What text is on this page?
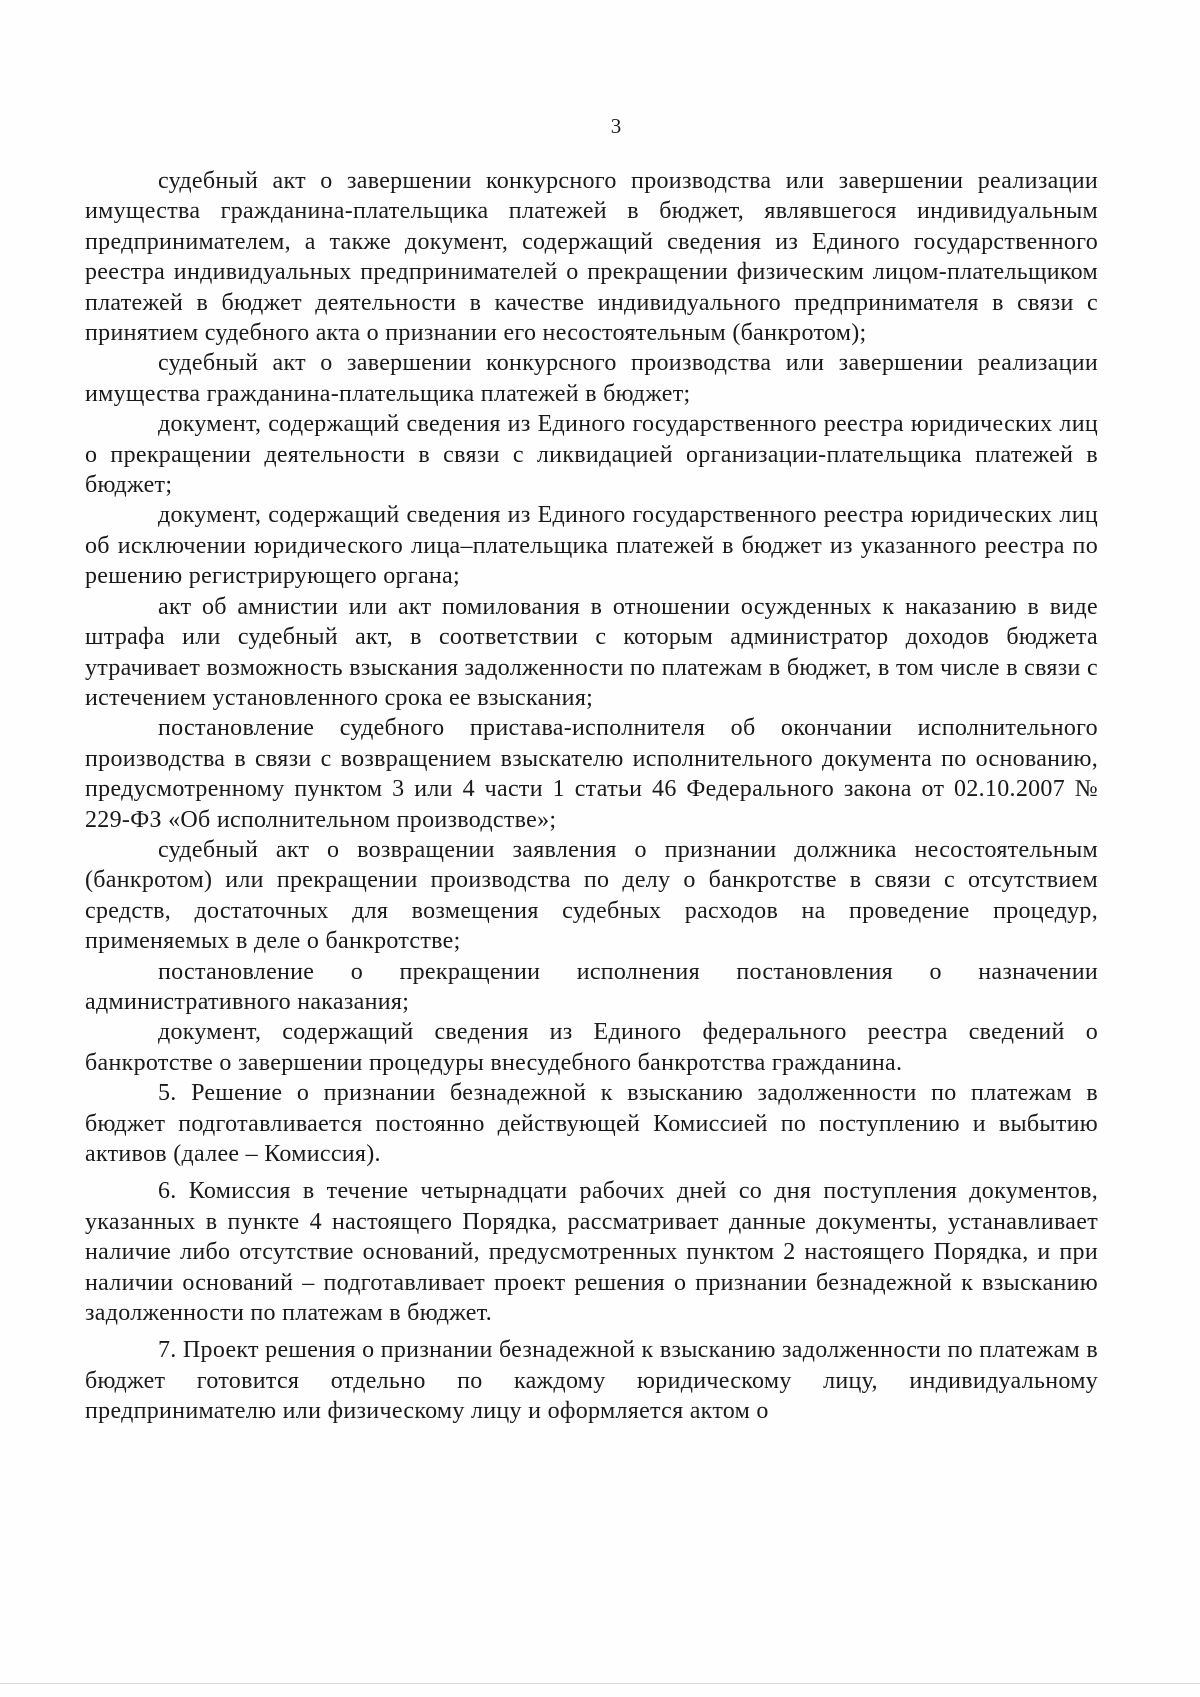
3

судебный акт о завершении конкурсного производства или завершении реализации имущества гражданина-плательщика платежей в бюджет, являвшегося индивидуальным предпринимателем, а также документ, содержащий сведения из Единого государственного реестра индивидуальных предпринимателей о прекращении физическим лицом-плательщиком платежей в бюджет деятельности в качестве индивидуального предпринимателя в связи с принятием судебного акта о признании его несостоятельным (банкротом);

судебный акт о завершении конкурсного производства или завершении реализации имущества гражданина-плательщика платежей в бюджет;

документ, содержащий сведения из Единого государственного реестра юридических лиц о прекращении деятельности в связи с ликвидацией организации-плательщика платежей в бюджет;

документ, содержащий сведения из Единого государственного реестра юридических лиц об исключении юридического лица–плательщика платежей в бюджет из указанного реестра по решению регистрирующего органа;

акт об амнистии или акт помилования в отношении осужденных к наказанию в виде штрафа или судебный акт, в соответствии с которым администратор доходов бюджета утрачивает возможность взыскания задолженности по платежам в бюджет, в том числе в связи с истечением установленного срока ее взыскания;

постановление судебного пристава-исполнителя об окончании исполнительного производства в связи с возвращением взыскателю исполнительного документа по основанию, предусмотренному пунктом 3 или 4 части 1 статьи 46 Федерального закона от 02.10.2007 № 229-ФЗ «Об исполнительном производстве»;

судебный акт о возвращении заявления о признании должника несостоятельным (банкротом) или прекращении производства по делу о банкротстве в связи с отсутствием средств, достаточных для возмещения судебных расходов на проведение процедур, применяемых в деле о банкротстве;

постановление о прекращении исполнения постановления о назначении административного наказания;

документ, содержащий сведения из Единого федерального реестра сведений о банкротстве о завершении процедуры внесудебного банкротства гражданина.

5. Решение о признании безнадежной к взысканию задолженности по платежам в бюджет подготавливается постоянно действующей Комиссией по поступлению и выбытию активов (далее – Комиссия).

6. Комиссия в течение четырнадцати рабочих дней со дня поступления документов, указанных в пункте 4 настоящего Порядка, рассматривает данные документы, устанавливает наличие либо отсутствие оснований, предусмотренных пунктом 2 настоящего Порядка, и при наличии оснований – подготавливает проект решения о признании безнадежной к взысканию задолженности по платежам в бюджет.

7. Проект решения о признании безнадежной к взысканию задолженности по платежам в бюджет готовится отдельно по каждому юридическому лицу, индивидуальному предпринимателю или физическому лицу и оформляется актом о
